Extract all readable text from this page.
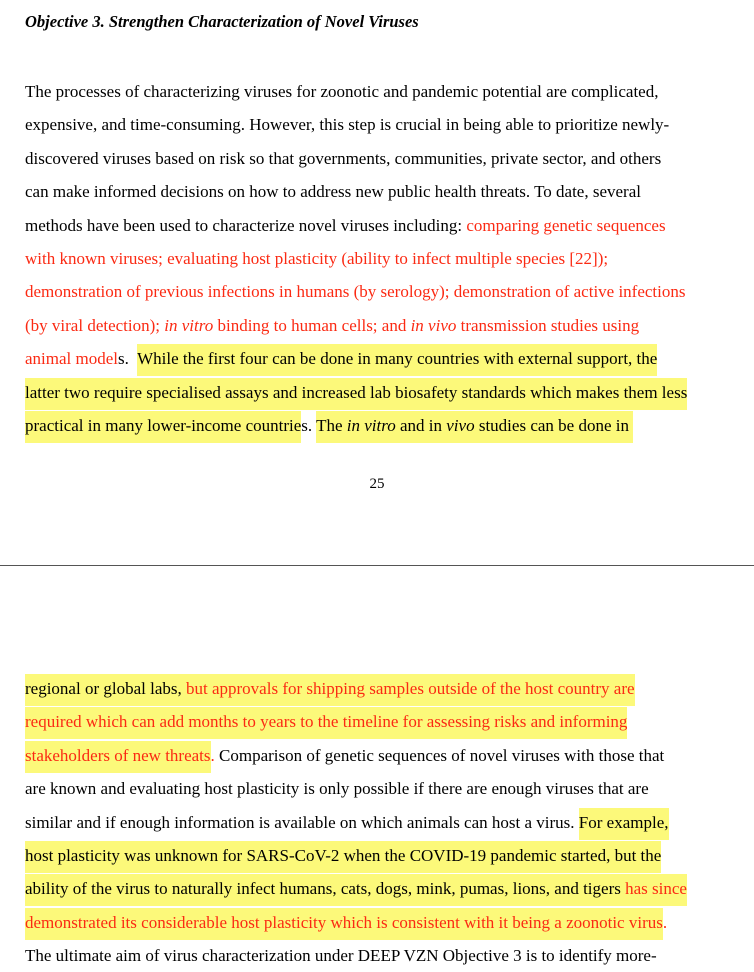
Objective 3. Strengthen Characterization of Novel Viruses
The processes of characterizing viruses for zoonotic and pandemic potential are complicated,
expensive, and time-consuming. However, this step is crucial in being able to prioritize newly-
discovered viruses based on risk so that governments, communities, private sector, and others
can make informed decisions on how to address new public health threats. To date, several
methods have been used to characterize novel viruses including: comparing genetic sequences
with known viruses; evaluating host plasticity (ability to infect multiple species [22]);
demonstration of previous infections in humans (by serology); demonstration of active infections
(by viral detection); in vitro binding to human cells; and in vivo transmission studies using
animal models.  While the first four can be done in many countries with external support, the
latter two require specialised assays and increased lab biosafety standards which makes them less
practical in many lower-income countries. The in vitro and in vivo studies can be done in
25
regional or global labs, but approvals for shipping samples outside of the host country are
required which can add months to years to the timeline for assessing risks and informing
stakeholders of new threats. Comparison of genetic sequences of novel viruses with those that
are known and evaluating host plasticity is only possible if there are enough viruses that are
similar and if enough information is available on which animals can host a virus. For example,
host plasticity was unknown for SARS-CoV-2 when the COVID-19 pandemic started, but the
ability of the virus to naturally infect humans, cats, dogs, mink, pumas, lions, and tigers has since
demonstrated its considerable host plasticity which is consistent with it being a zoonotic virus.
The ultimate aim of virus characterization under DEEP VZN Objective 3 is to identify more-
